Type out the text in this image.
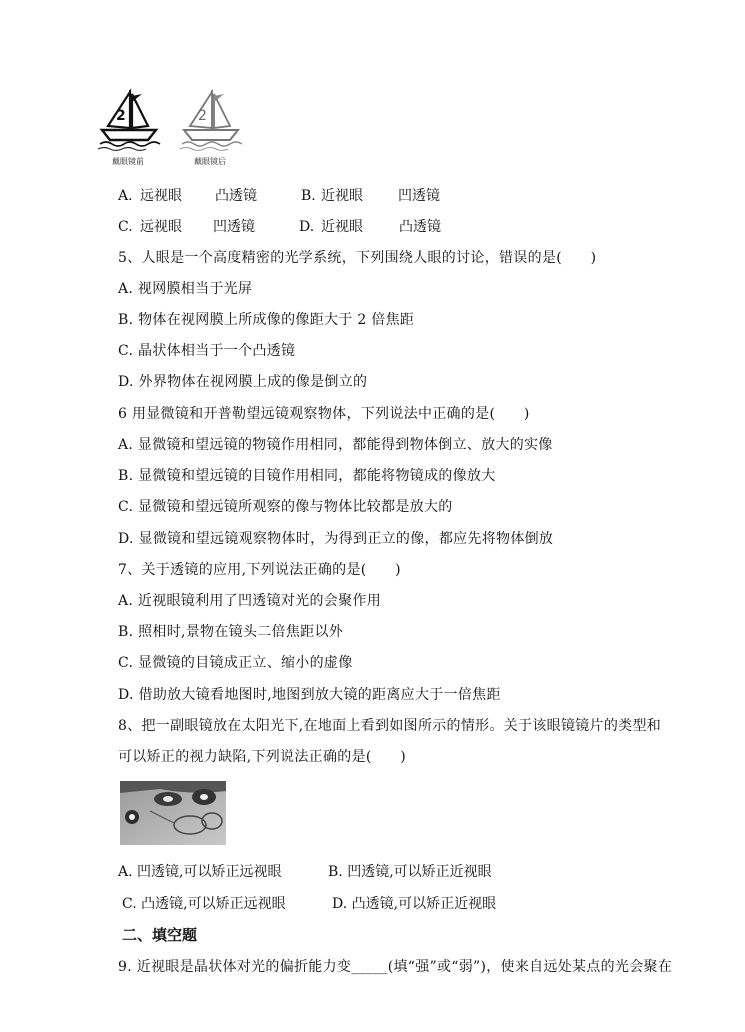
2
戴眼镜前
2
戴眼镜后
A. 远视眼 凸透镜	B. 近视眼	凹透镜
C. 远视眼 凹透镜	D. 近视眼	凸透镜
5、人眼是一个高度精密的光学系统，下列围绕人眼的讨论，错误的是(　　)
A. 视网膜相当于光屏
B. 物体在视网膜上所成像的像距大于 2 倍焦距
C. 晶状体相当于一个凸透镜
D. 外界物体在视网膜上成的像是倒立的
6 用显微镜和开普勒望远镜观察物体，下列说法中正确的是(　　)
A. 显微镜和望远镜的物镜作用相同，都能得到物体倒立、放大的实像
B. 显微镜和望远镜的目镜作用相同，都能将物镜成的像放大
C. 显微镜和望远镜所观察的像与物体比较都是放大的
D. 显微镜和望远镜观察物体时，为得到正立的像，都应先将物体倒放
7、关于透镜的应用,下列说法正确的是(　　)
A. 近视眼镜利用了凹透镜对光的会聚作用
B. 照相时,景物在镜头二倍焦距以外
C. 显微镜的目镜成正立、缩小的虚像
D. 借助放大镜看地图时,地图到放大镜的距离应大于一倍焦距
8、把一副眼镜放在太阳光下,在地面上看到如图所示的情形。关于该眼镜镜片的类型和
可以矫正的视力缺陷,下列说法正确的是(　　)
A. 凹透镜,可以矫正远视眼	B. 凹透镜,可以矫正近视眼
C. 凸透镜,可以矫正远视眼	D. 凸透镜,可以矫正近视眼
二、填空题
9. 近视眼是晶状体对光的偏折能力变_____(填“强”或“弱”)，使来自远处某点的光会聚在
